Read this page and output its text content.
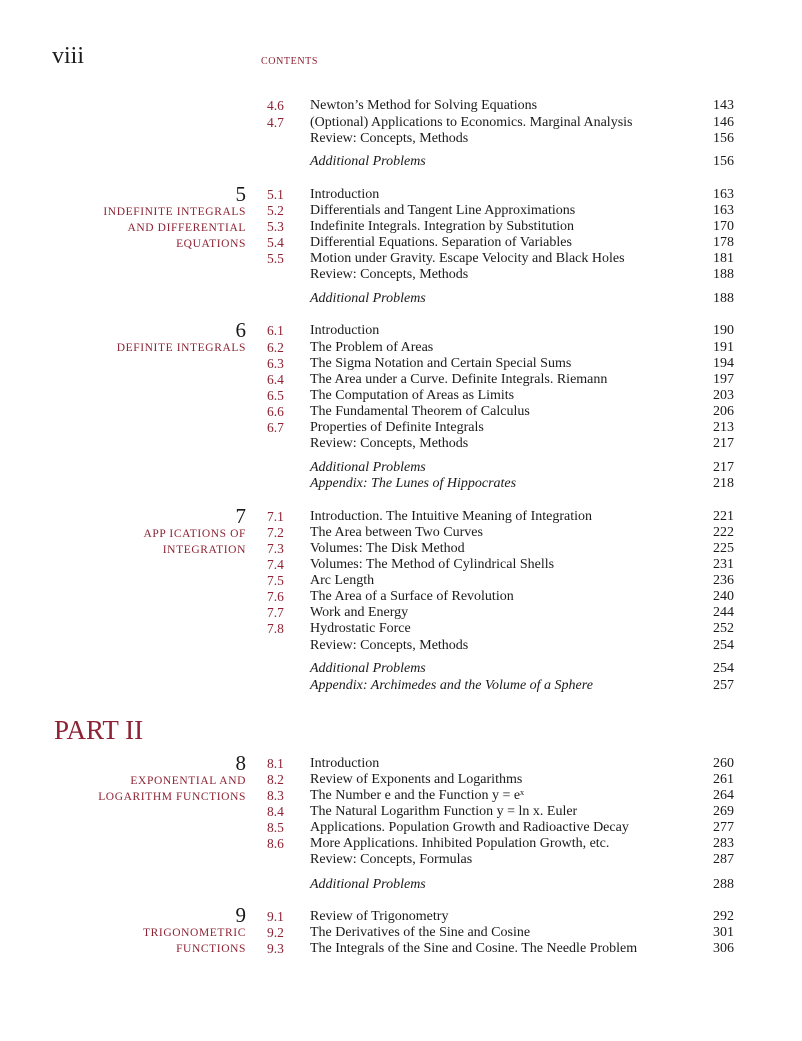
viii	CONTENTS
PART II
4.6 Newton’s Method for Solving Equations	143
4.7 (Optional) Applications to Economics. Marginal Analysis	146
Review: Concepts, Methods	156
Additional Problems	156
5
INDEFINITE INTEGRALS
AND DIFFERENTIAL
EQUATIONS
5.1 Introduction	163
5.2 Differentials and Tangent Line Approximations	163
5.3 Indefinite Integrals. Integration by Substitution	170
5.4 Differential Equations. Separation of Variables	178
5.5 Motion under Gravity. Escape Velocity and Black Holes	181
Review: Concepts, Methods	188
Additional Problems	188
6
DEFINITE INTEGRALS
6.1 Introduction	190
6.2 The Problem of Areas	191
6.3 The Sigma Notation and Certain Special Sums	194
6.4 The Area under a Curve. Definite Integrals. Riemann	197
6.5 The Computation of Areas as Limits	203
6.6 The Fundamental Theorem of Calculus	206
6.7 Properties of Definite Integrals	213
Review: Concepts, Methods	217
Additional Problems	217
Appendix: The Lunes of Hippocrates	218
7
APP ICATIONS OF
INTEGRATION
7.1 Introduction. The Intuitive Meaning of Integration	221
7.2 The Area between Two Curves	222
7.3 Volumes: The Disk Method	225
7.4 Volumes: The Method of Cylindrical Shells	231
7.5 Arc Length	236
7.6 The Area of a Surface of Revolution	240
7.7 Work and Energy	244
7.8 Hydrostatic Force	252
Review: Concepts, Methods	254
Additional Problems	254
Appendix: Archimedes and the Volume of a Sphere	257
8
EXPONENTIAL AND
LOGARITHM FUNCTIONS
8.1 Introduction	260
8.2 Review of Exponents and Logarithms	261
8.3 The Number e and the Function y = eˣ	264
8.4 The Natural Logarithm Function y = ln x. Euler	269
8.5 Applications. Population Growth and Radioactive Decay	277
8.6 More Applications. Inhibited Population Growth, etc.	283
Review: Concepts, Formulas	287
Additional Problems	288
9
TRIGONOMETRIC
FUNCTIONS
9.1 Review of Trigonometry	292
9.2 The Derivatives of the Sine and Cosine	301
9.3 The Integrals of the Sine and Cosine. The Needle Problem	306
